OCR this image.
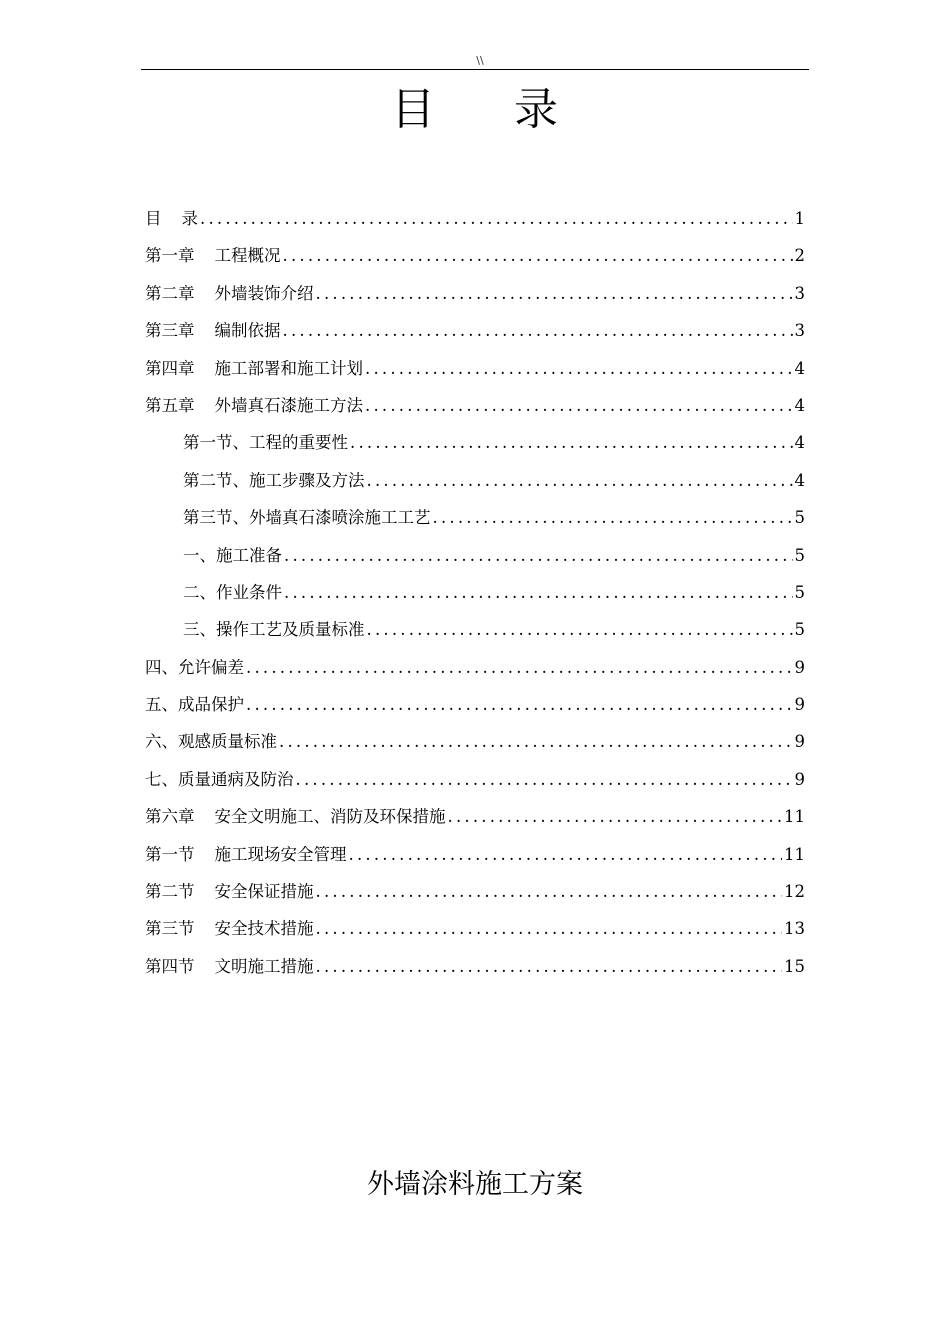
\\
目 录
目 录 .....	1
第一章 工程概况 .....	2
第二章 外墙装饰介绍 .....	3
第三章 编制依据 .....	3
第四章 施工部署和施工计划 .....	4
第五章 外墙真石漆施工方法 .....	4
第一节、工程的重要性 .....	4
第二节、施工步骤及方法 .....	4
第三节、外墙真石漆喷涂施工工艺 .....	5
一、施工准备 .....	5
二、作业条件 .....	5
三、操作工艺及质量标准 .....	5
四、允许偏差 .....	9
五、成品保护 .....	9
六、观感质量标准 .....	9
七、质量通病及防治 .....	9
第六章 安全文明施工、消防及环保措施 .....	11
第一节 施工现场安全管理 .....	11
第二节 安全保证措施 .....	12
第三节 安全技术措施 .....	13
第四节 文明施工措施 .....	15
外墙涂料施工方案
